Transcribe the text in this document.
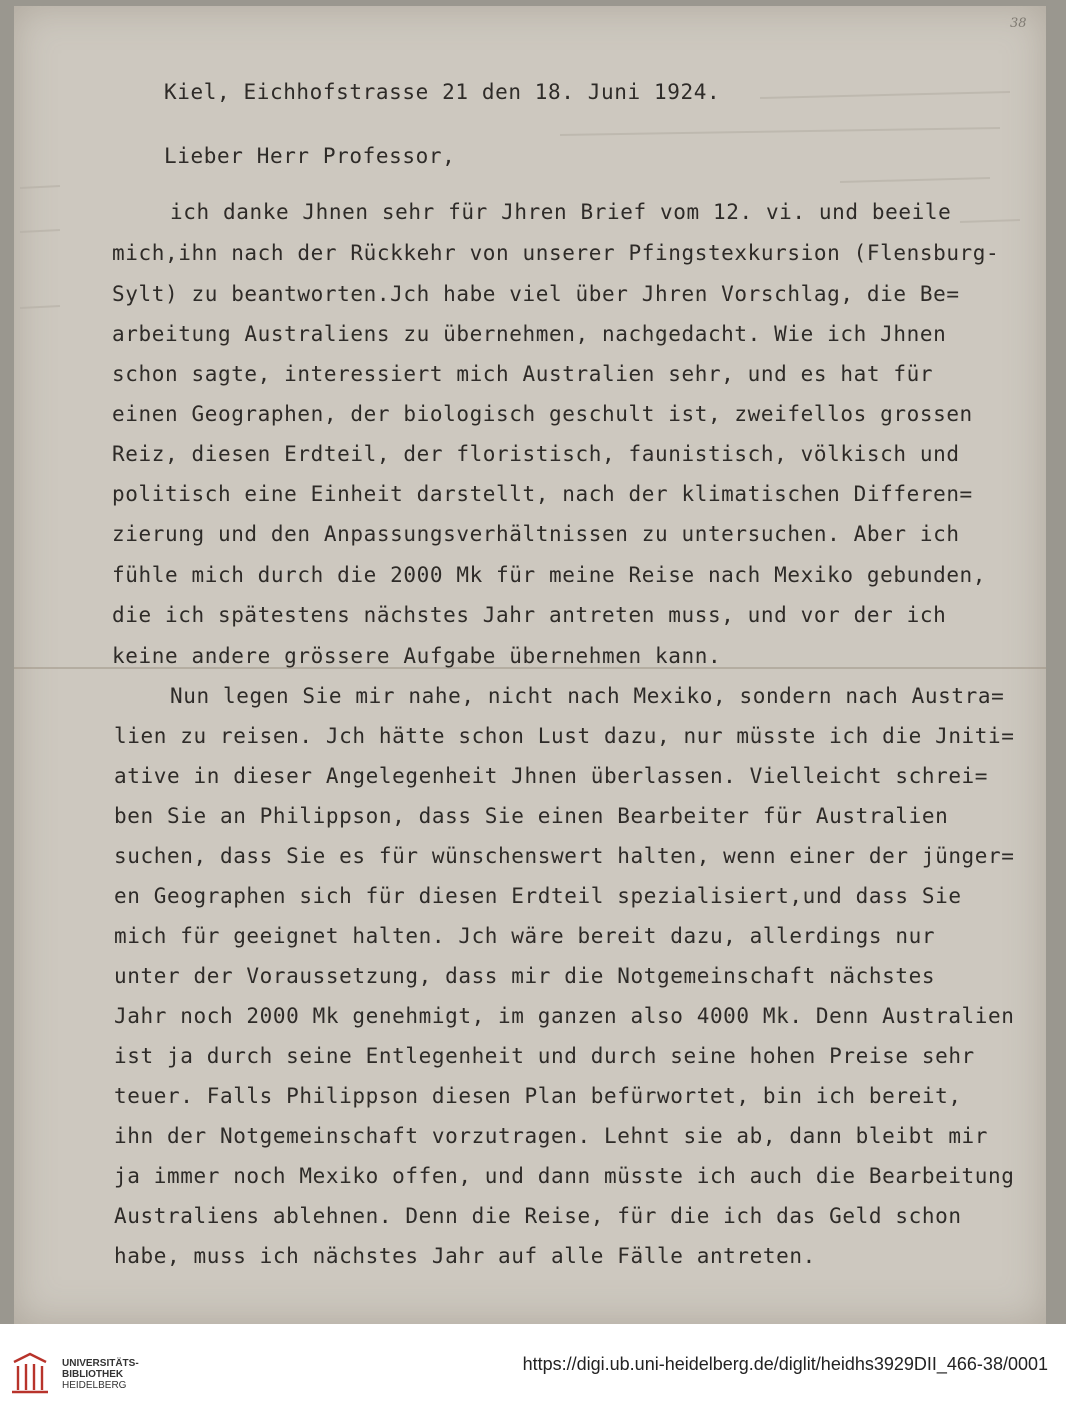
38
Kiel, Eichhofstrasse 21 den 18. Juni 1924.
Lieber Herr Professor,
ich danke Jhnen sehr für Jhren Brief vom 12. vi. und beeile
mich,ihn nach der Rückkehr von unserer Pfingstexkursion (Flensburg-
Sylt) zu beantworten.Jch habe viel über Jhren Vorschlag, die Be=
arbeitung Australiens zu übernehmen, nachgedacht. Wie ich Jhnen
schon sagte, interessiert mich Australien sehr, und es hat für
einen Geographen, der biologisch geschult ist, zweifellos grossen
Reiz, diesen Erdteil, der floristisch, faunistisch, völkisch und
politisch eine Einheit darstellt, nach der klimatischen Differen=
zierung und den Anpassungsverhältnissen zu untersuchen. Aber ich
fühle mich durch die 2000 Mk für meine Reise nach Mexiko gebunden,
die ich spätestens nächstes Jahr antreten muss, und vor der ich
keine andere grössere Aufgabe übernehmen kann.
Nun legen Sie mir nahe, nicht nach Mexiko, sondern nach Austra=
lien zu reisen. Jch hätte schon Lust dazu, nur müsste ich die Jniti=
ative in dieser Angelegenheit Jhnen überlassen. Vielleicht schrei=
ben Sie an Philippson, dass Sie einen Bearbeiter für Australien
suchen, dass Sie es für wünschenswert halten, wenn einer der jünger=
en Geographen sich für diesen Erdteil spezialisiert,und dass Sie
mich für geeignet halten. Jch wäre bereit dazu, allerdings nur
unter der Voraussetzung, dass mir die Notgemeinschaft nächstes
Jahr noch 2000 Mk genehmigt, im ganzen also 4000 Mk. Denn Australien
ist ja durch seine Entlegenheit und durch seine hohen Preise sehr
teuer. Falls Philippson diesen Plan befürwortet, bin ich bereit,
ihn der Notgemeinschaft vorzutragen. Lehnt sie ab, dann bleibt mir
ja immer noch Mexiko offen, und dann müsste ich auch die Bearbeitung
Australiens ablehnen. Denn die Reise, für die ich das Geld schon
habe, muss ich nächstes Jahr auf alle Fälle antreten.
UNIVERSITÄTS-
BIBLIOTHEK
HEIDELBERG
https://digi.ub.uni-heidelberg.de/diglit/heidhs3929DII_466-38/0001
